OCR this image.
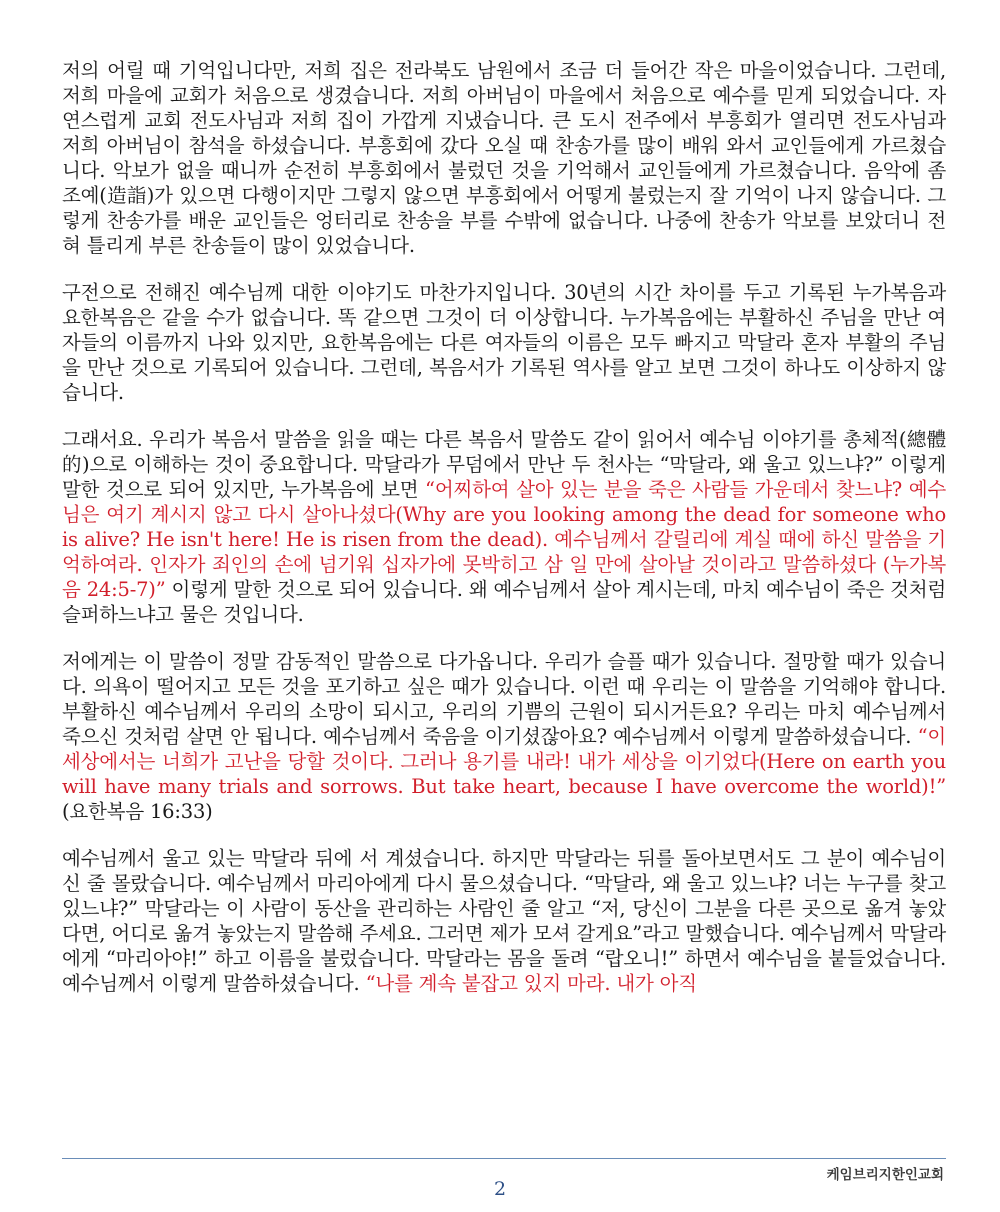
저의 어릴 때 기억입니다만, 저희 집은 전라북도 남원에서 조금 더 들어간 작은 마을이었습니다. 그런데, 저희 마을에 교회가 처음으로 생겼습니다. 저희 아버님이 마을에서 처음으로 예수를 믿게 되었습니다. 자연스럽게 교회 전도사님과 저희 집이 가깝게 지냈습니다. 큰 도시 전주에서 부흥회가 열리면 전도사님과 저희 아버님이 참석을 하셨습니다. 부흥회에 갔다 오실 때 찬송가를 많이 배워 와서 교인들에게 가르쳤습니다. 악보가 없을 때니까 순전히 부흥회에서 불렀던 것을 기억해서 교인들에게 가르쳤습니다. 음악에 좀 조예(造詣)가 있으면 다행이지만 그렇지 않으면 부흥회에서 어떻게 불렀는지 잘 기억이 나지 않습니다. 그렇게 찬송가를 배운 교인들은 엉터리로 찬송을 부를 수밖에 없습니다. 나중에 찬송가 악보를 보았더니 전혀 틀리게 부른 찬송들이 많이 있었습니다.

구전으로 전해진 예수님께 대한 이야기도 마찬가지입니다. 30년의 시간 차이를 두고 기록된 누가복음과 요한복음은 같을 수가 없습니다. 똑 같으면 그것이 더 이상합니다. 누가복음에는 부활하신 주님을 만난 여자들의 이름까지 나와 있지만, 요한복음에는 다른 여자들의 이름은 모두 빠지고 막달라 혼자 부활의 주님을 만난 것으로 기록되어 있습니다. 그런데, 복음서가 기록된 역사를 알고 보면 그것이 하나도 이상하지 않습니다.

그래서요. 우리가 복음서 말씀을 읽을 때는 다른 복음서 말씀도 같이 읽어서 예수님 이야기를 총체적(總體的)으로 이해하는 것이 중요합니다. 막달라가 무덤에서 만난 두 천사는 “막달라, 왜 울고 있느냐?” 이렇게 말한 것으로 되어 있지만, 누가복음에 보면 “어찌하여 살아 있는 분을 죽은 사람들 가운데서 찾느냐? 예수님은 여기 계시지 않고 다시 살아나셨다(Why are you looking among the dead for someone who is alive? He isn't here! He is risen from the dead). 예수님께서 갈릴리에 계실 때에 하신 말씀을 기억하여라. 인자가 죄인의 손에 넘기워 십자가에 못박히고 삼 일 만에 살아날 것이라고 말씀하셨다 (누가복음 24:5-7)” 이렇게 말한 것으로 되어 있습니다. 왜 예수님께서 살아 계시는데, 마치 예수님이 죽은 것처럼 슬퍼하느냐고 물은 것입니다.

저에게는 이 말씀이 정말 감동적인 말씀으로 다가옵니다. 우리가 슬플 때가 있습니다. 절망할 때가 있습니다. 의욕이 떨어지고 모든 것을 포기하고 싶은 때가 있습니다. 이런 때 우리는 이 말씀을 기억해야 합니다. 부활하신 예수님께서 우리의 소망이 되시고, 우리의 기쁨의 근원이 되시거든요? 우리는 마치 예수님께서 죽으신 것처럼 살면 안 됩니다. 예수님께서 죽음을 이기셨잖아요? 예수님께서 이렇게 말씀하셨습니다. “이 세상에서는 너희가 고난을 당할 것이다. 그러나 용기를 내라! 내가 세상을 이기었다(Here on earth you will have many trials and sorrows. But take heart, because I have overcome the world)!” (요한복음 16:33)

예수님께서 울고 있는 막달라 뒤에 서 계셨습니다. 하지만 막달라는 뒤를 돌아보면서도 그 분이 예수님이신 줄 몰랐습니다. 예수님께서 마리아에게 다시 물으셨습니다. “막달라, 왜 울고 있느냐? 너는 누구를 찾고 있느냐?” 막달라는 이 사람이 동산을 관리하는 사람인 줄 알고 “저, 당신이 그분을 다른 곳으로 옮겨 놓았다면, 어디로 옮겨 놓았는지 말씀해 주세요. 그러면 제가 모셔 갈게요”라고 말했습니다. 예수님께서 막달라에게 “마리아야!” 하고 이름을 불렀습니다. 막달라는 몸을 돌려 “랍오니!” 하면서 예수님을 붙들었습니다. 예수님께서 이렇게 말씀하셨습니다. “나를 계속 붙잡고 있지 마라. 내가 아직

케임브리지한인교회
2
